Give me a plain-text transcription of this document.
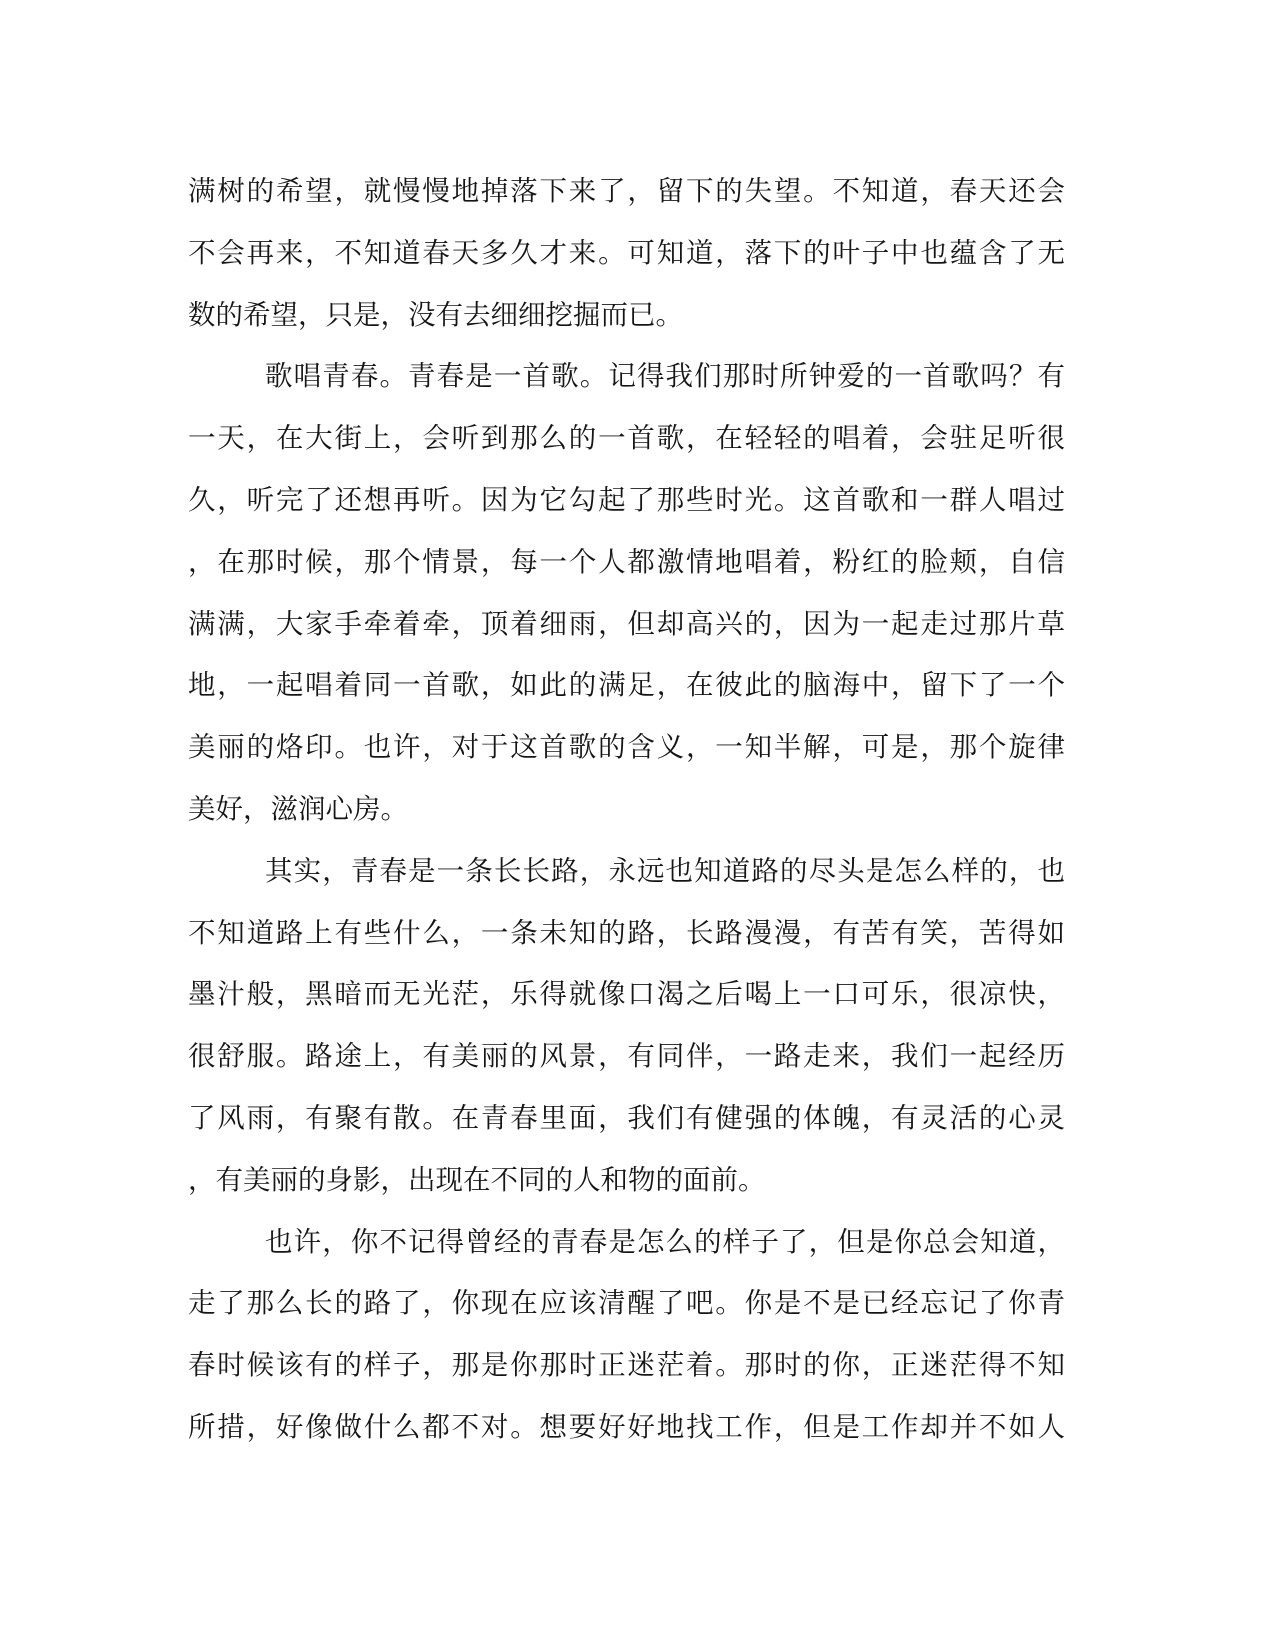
满树的希望，就慢慢地掉落下来了，留下的失望。不知道，春天还会
不会再来，不知道春天多久才来。可知道，落下的叶子中也蕴含了无
数的希望，只是，没有去细细挖掘而已。
歌唱青春。青春是一首歌。记得我们那时所钟爱的一首歌吗？有
一天，在大街上，会听到那么的一首歌，在轻轻的唱着，会驻足听很
久，听完了还想再听。因为它勾起了那些时光。这首歌和一群人唱过
，在那时候，那个情景，每一个人都激情地唱着，粉红的脸颊，自信
满满，大家手牵着牵，顶着细雨，但却高兴的，因为一起走过那片草
地，一起唱着同一首歌，如此的满足，在彼此的脑海中，留下了一个
美丽的烙印。也许，对于这首歌的含义，一知半解，可是，那个旋律
美好，滋润心房。
其实，青春是一条长长路，永远也知道路的尽头是怎么样的，也
不知道路上有些什么，一条未知的路，长路漫漫，有苦有笑，苦得如
墨汁般，黑暗而无光茫，乐得就像口渴之后喝上一口可乐，很凉快，
很舒服。路途上，有美丽的风景，有同伴，一路走来，我们一起经历
了风雨，有聚有散。在青春里面，我们有健强的体魄，有灵活的心灵
，有美丽的身影，出现在不同的人和物的面前。
也许，你不记得曾经的青春是怎么的样子了，但是你总会知道，
走了那么长的路了，你现在应该清醒了吧。你是不是已经忘记了你青
春时候该有的样子，那是你那时正迷茫着。那时的你，正迷茫得不知
所措，好像做什么都不对。想要好好地找工作，但是工作却并不如人
